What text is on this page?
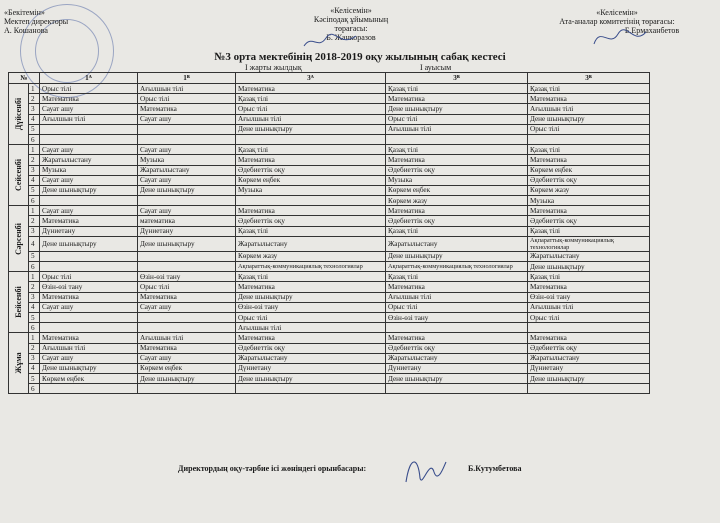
«Бекітемін»
Мектеп директоры
А. Кошанова
«Келісемін»
Кәсіподақ ұйымының
төрағасы:
Б. Жанкоразов
«Келісемін»
Ата-аналар комитетінің төрағасы:
Б.Ермаханбетов
№3 орта мектебінің 2018-2019 оқу жылының сабақ кестесі
I жарты жылдық	I ауысым
№		1ᴬ	1ᴮ	3ᴬ	3ᴮ	3ᴮ

Дүйсенбі	1	Орыс тілі	Ағылшын тілі	Математика	Қазақ тілі	Қазақ тілі
	2	Математика	Орыс тілі	Қазақ тілі	Математика	Математика
	3	Сауат ашу	Математика	Орыс тілі	Дене шынықтыру	Ағылшын тілі
	4	Ағылшын тілі	Сауат ашу	Ағылшын тілі	Орыс тілі	Дене шынықтыру
	5			Дене шынықтыру	Ағылшын тілі	Орыс тілі
	6					

Сейсенбі	1	Сауат ашу	Сауат ашу	Қазақ тілі	Қазақ тілі	Қазақ тілі
	2	Жаратылыстану	Музыка	Математика	Математика	Математика
	3	Музыка	Жаратылыстану	Әдебиеттік оқу	Әдебиеттік оқу	Көркем еңбек
	4	Сауат ашу	Сауат ашу	Көркем еңбек	Музыка	Әдебиеттік оқу
	5	Дене шынықтыру	Дене шынықтыру	Музыка	Көркем еңбек	Көркем жазу
	6				Көркем жазу	Музыка

Сәрсенбі	1	Сауат ашу	Сауат ашу	Математика	Математика	Математика
	2	Математика	математика	Әдебиеттік оқу	Әдебиеттік оқу	Әдебиеттік оқу
	3	Дүниетану	Дүниетану	Қазақ тілі	Қазақ тілі	Қазақ тілі
	4	Дене шынықтыру	Дене шынықтыру	Жаратылыстану	Жаратылыстану	Ақпараттық-коммуникациялық технологиялар
	5			Көркем жазу	Дене шынықтыру	Жаратылыстану
	6			Ақпараттық-коммуникациялық технологиялар	Ақпараттық-коммуникациялық технологиялар	Дене шынықтыру

Бейсенбі	1	Орыс тілі	Өзін-өзі тану	Қазақ тілі	Қазақ тілі	Қазақ тілі
	2	Өзін-өзі тану	Орыс тілі	Математика	Математика	Математика
	3	Математика	Математика	Дене шынықтыру	Ағылшын тілі	Өзін-өзі тану
	4	Сауат ашу	Сауат ашу	Өзін-өзі тану	Орыс тілі	Ағылшын тілі
	5			Орыс тілі	Өзін-өзі тану	Орыс тілі
	6			Ағылшын тілі		

Жұма	1	Математика	Ағылшын тілі	Математика	Математика	Математика
	2	Ағылшын тілі	Математика	Әдебиеттік оқу	Әдебиеттік оқу	Әдебиеттік оқу
	3	Сауат ашу	Сауат ашу	Жаратылыстану	Жаратылыстану	Жаратылыстану
	4	Дене шынықтыру	Көркем еңбек	Дүниетану	Дүниетану	Дүниетану
	5	Көркем еңбек	Дене шынықтыру	Дене шынықтыру	Дене шынықтыру	Дене шынықтыру
	6					
Директордың оқу-тәрбие ісі жөніндегі орынбасары:	Б.Кутумбетова
